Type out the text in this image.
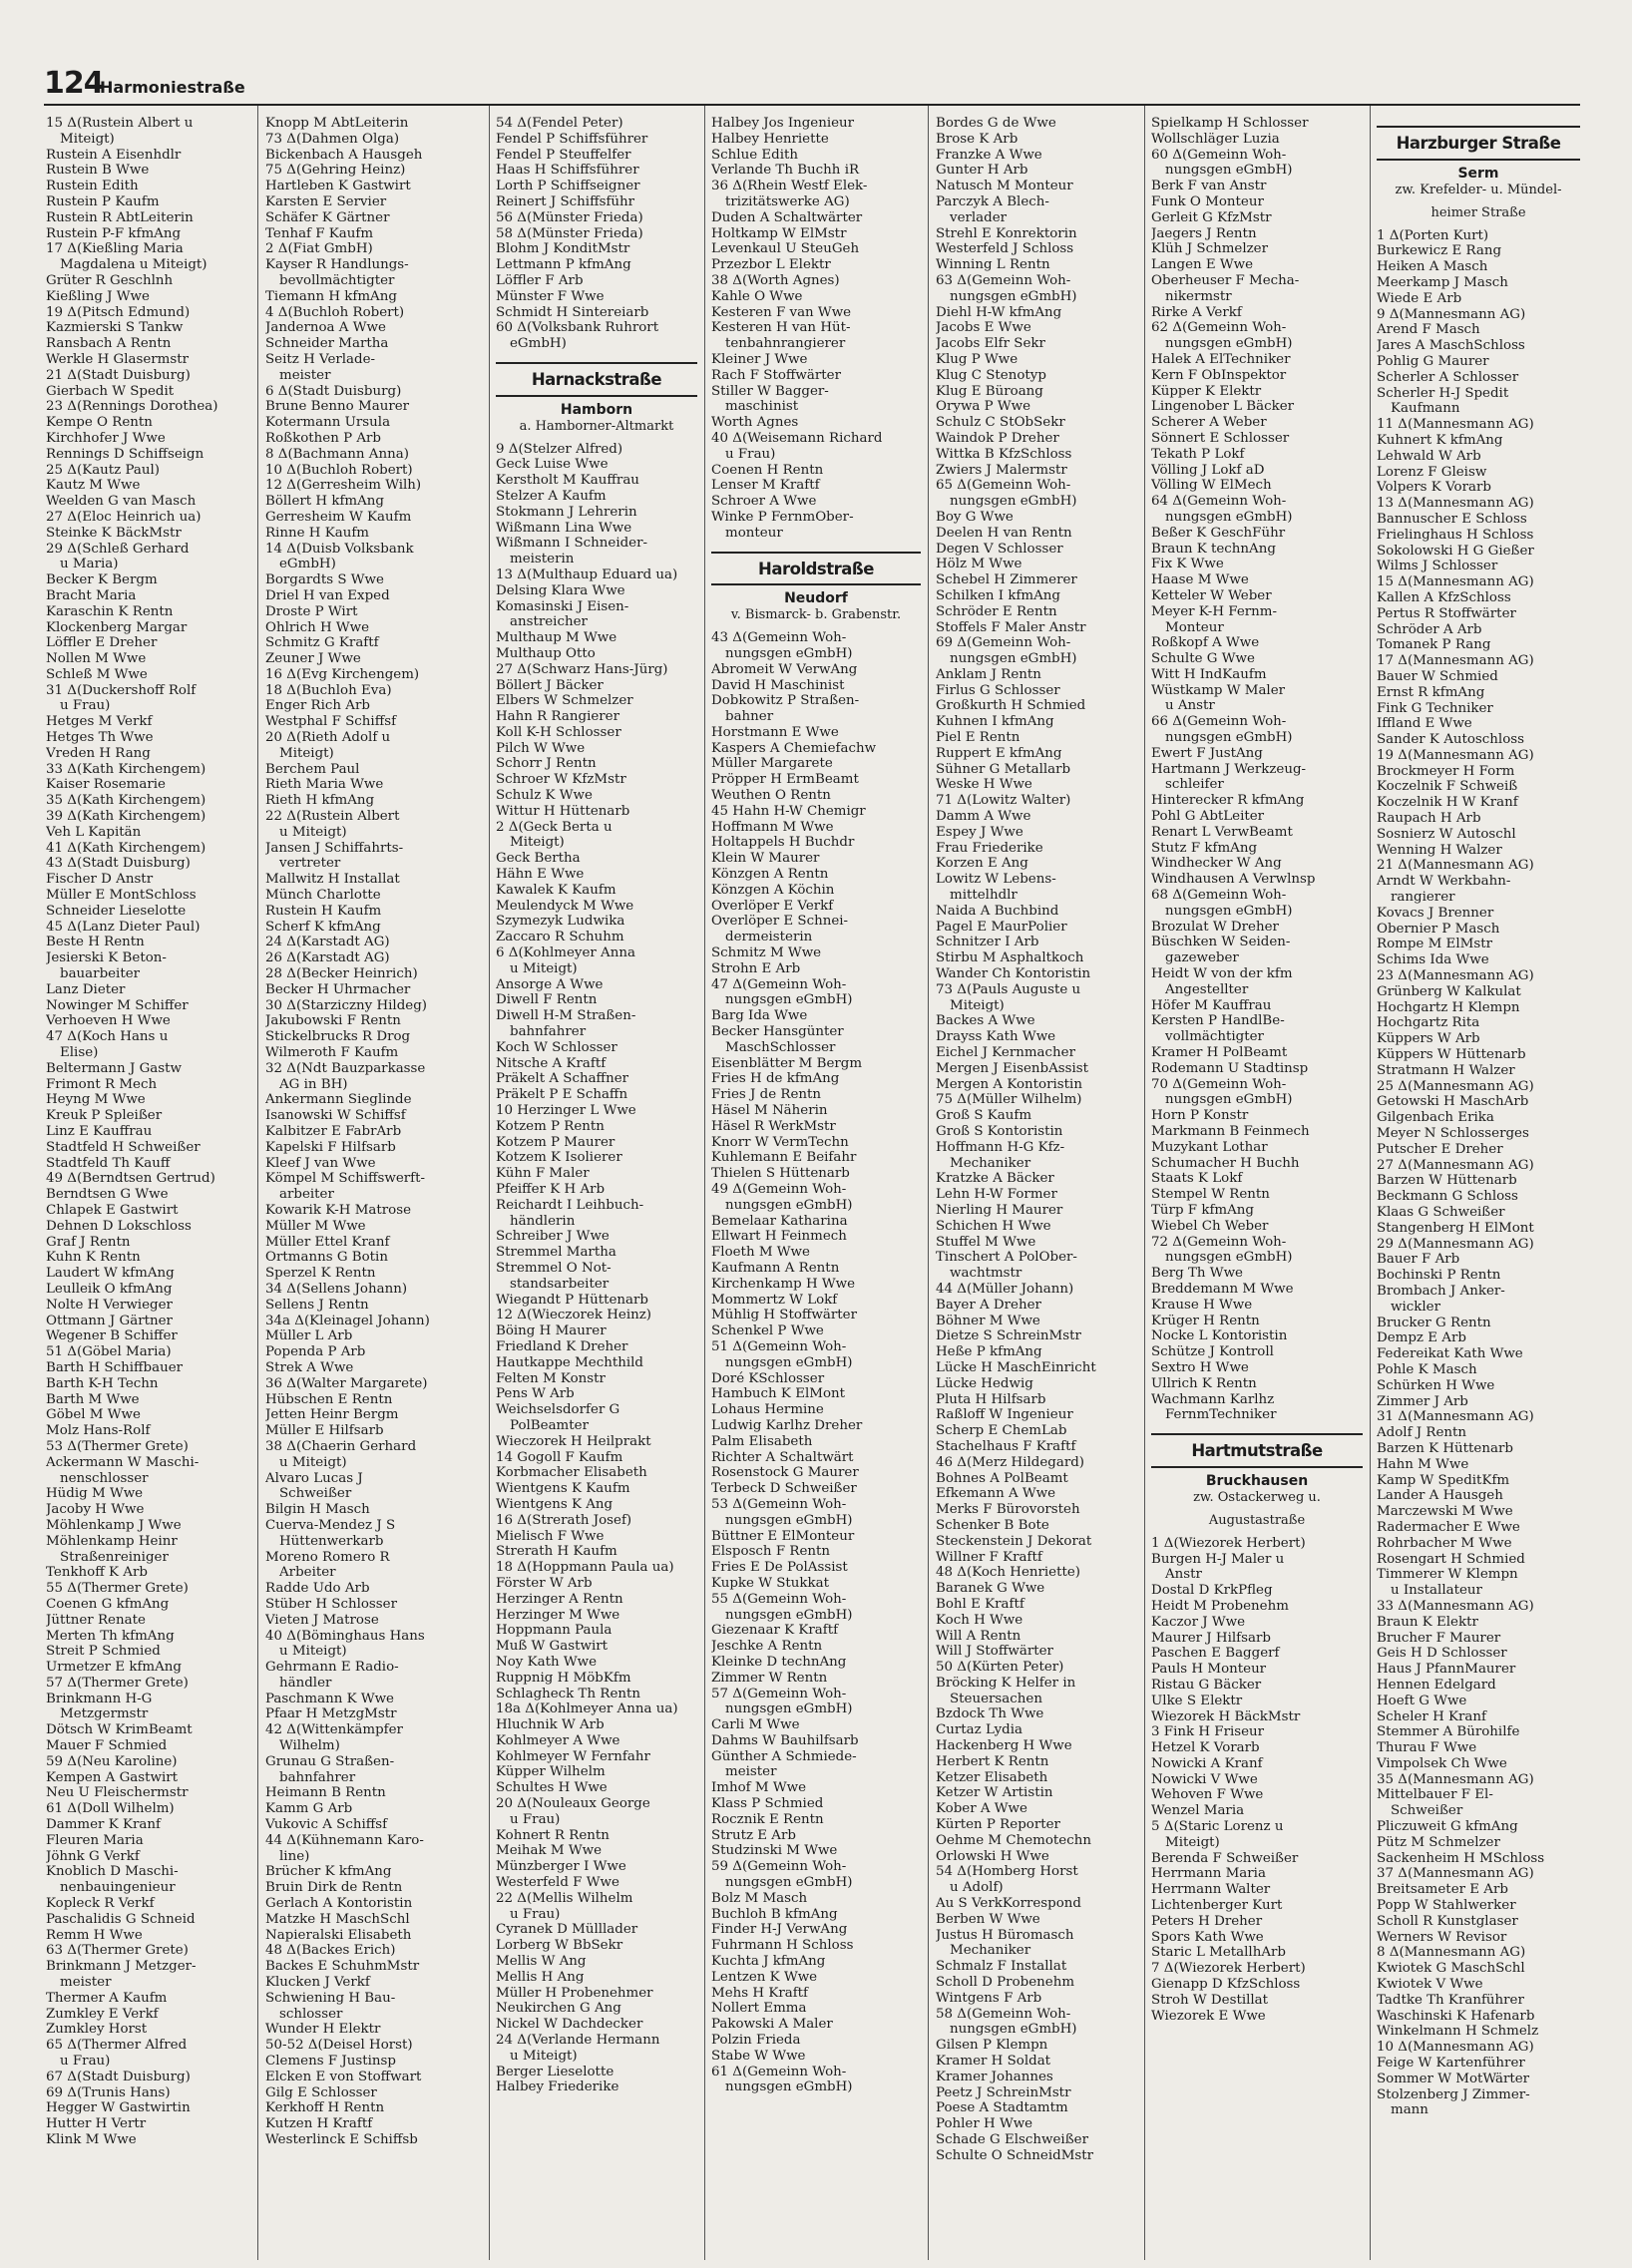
124
Harmoniestraße
15 Δ(Rustein Albert u
Miteigt)
Rustein A Eisenhdlr
Rustein B Wwe
Rustein Edith
Rustein P Kaufm
Rustein R AbtLeiterin
Rustein P-F kfmAng
17 Δ(Kießling Maria
Magdalena u Miteigt)
Grüter R Geschlnh
Kießling J Wwe
19 Δ(Pitsch Edmund)
Kazmierski S Tankw
Ransbach A Rentn
Werkle H Glasermstr
21 Δ(Stadt Duisburg)
Gierbach W Spedit
23 Δ(Rennings Dorothea)
Kempe O Rentn
Kirchhofer J Wwe
Rennings D Schiffseign
25 Δ(Kautz Paul)
Kautz M Wwe
Weelden G van Masch
27 Δ(Eloc Heinrich ua)
Steinke K BäckMstr
29 Δ(Schleß Gerhard
u Maria)
Becker K Bergm
Bracht Maria
Karaschin K Rentn
Klockenberg Margar
Löffler E Dreher
Nollen M Wwe
Schleß M Wwe
31 Δ(Duckershoff Rolf
u Frau)
Hetges M Verkf
Hetges Th Wwe
Vreden H Rang
33 Δ(Kath Kirchengem)
Kaiser Rosemarie
35 Δ(Kath Kirchengem)
39 Δ(Kath Kirchengem)
Veh L Kapitän
41 Δ(Kath Kirchengem)
43 Δ(Stadt Duisburg)
Fischer D Anstr
Müller E MontSchloss
Schneider Lieselotte
45 Δ(Lanz Dieter Paul)
Beste H Rentn
Jesierski K Beton-
bauarbeiter
Lanz Dieter
Nowinger M Schiffer
Verhoeven H Wwe
47 Δ(Koch Hans u
Elise)
Beltermann J Gastw
Frimont R Mech
Heyng M Wwe
Kreuk P Spleißer
Linz E Kauffrau
Stadtfeld H Schweißer
Stadtfeld Th Kauff
49 Δ(Berndtsen Gertrud)
Berndtsen G Wwe
Chlapek E Gastwirt
Dehnen D Lokschloss
Graf J Rentn
Kuhn K Rentn
Laudert W kfmAng
Leulleik O kfmAng
Nolte H Verwieger
Ottmann J Gärtner
Wegener B Schiffer
51 Δ(Göbel Maria)
Barth H Schiffbauer
Barth K-H Techn
Barth M Wwe
Göbel M Wwe
Molz Hans-Rolf
53 Δ(Thermer Grete)
Ackermann W Maschi-
nenschlosser
Hüdig M Wwe
Jacoby H Wwe
Möhlenkamp J Wwe
Möhlenkamp Heinr
Straßenreiniger
Tenkhoff K Arb
55 Δ(Thermer Grete)
Coenen G kfmAng
Jüttner Renate
Merten Th kfmAng
Streit P Schmied
Urmetzer E kfmAng
57 Δ(Thermer Grete)
Brinkmann H-G
Metzgermstr
Dötsch W KrimBeamt
Mauer F Schmied
59 Δ(Neu Karoline)
Kempen A Gastwirt
Neu U Fleischermstr
61 Δ(Doll Wilhelm)
Dammer K Kranf
Fleuren Maria
Jöhnk G Verkf
Knoblich D Maschi-
nenbauingenieur
Kopleck R Verkf
Paschalidis G Schneid
Remm H Wwe
63 Δ(Thermer Grete)
Brinkmann J Metzger-
meister
Thermer A Kaufm
Zumkley E Verkf
Zumkley Horst
65 Δ(Thermer Alfred
u Frau)
67 Δ(Stadt Duisburg)
69 Δ(Trunis Hans)
Hegger W Gastwirtin
Hutter H Vertr
Klink M Wwe
Knopp M AbtLeiterin
73 Δ(Dahmen Olga)
Bickenbach A Hausgeh
75 Δ(Gehring Heinz)
Hartleben K Gastwirt
Karsten E Servier
Schäfer K Gärtner
Tenhaf F Kaufm
2 Δ(Fiat GmbH)
Kayser R Handlungs-
bevollmächtigter
Tiemann H kfmAng
4 Δ(Buchloh Robert)
Jandernoa A Wwe
Schneider Martha
Seitz H Verlade-
meister
6 Δ(Stadt Duisburg)
Brune Benno Maurer
Kotermann Ursula
Roßkothen P Arb
8 Δ(Bachmann Anna)
10 Δ(Buchloh Robert)
12 Δ(Gerresheim Wilh)
Böllert H kfmAng
Gerresheim W Kaufm
Rinne H Kaufm
14 Δ(Duisb Volksbank
eGmbH)
Borgardts S Wwe
Driel H van Exped
Droste P Wirt
Ohlrich H Wwe
Schmitz G Kraftf
Zeuner J Wwe
16 Δ(Evg Kirchengem)
18 Δ(Buchloh Eva)
Enger Rich Arb
Westphal F Schiffsf
20 Δ(Rieth Adolf u
Miteigt)
Berchem Paul
Rieth Maria Wwe
Rieth H kfmAng
22 Δ(Rustein Albert
u Miteigt)
Jansen J Schiffahrts-
vertreter
Mallwitz H Installat
Münch Charlotte
Rustein H Kaufm
Scherf K kfmAng
24 Δ(Karstadt AG)
26 Δ(Karstadt AG)
28 Δ(Becker Heinrich)
Becker H Uhrmacher
30 Δ(Starziczny Hildeg)
Jakubowski F Rentn
Stickelbrucks R Drog
Wilmeroth F Kaufm
32 Δ(Ndt Bauzparkasse
AG in BH)
Ankermann Sieglinde
Isanowski W Schiffsf
Kalbitzer E FabrArb
Kapelski F Hilfsarb
Kleef J van Wwe
Kömpel M Schiffswerft-
arbeiter
Kowarik K-H Matrose
Müller M Wwe
Müller Ettel Kranf
Ortmanns G Botin
Sperzel K Rentn
34 Δ(Sellens Johann)
Sellens J Rentn
34a Δ(Kleinagel Johann)
Müller L Arb
Popenda P Arb
Strek A Wwe
36 Δ(Walter Margarete)
Hübschen E Rentn
Jetten Heinr Bergm
Müller E Hilfsarb
38 Δ(Chaerin Gerhard
u Miteigt)
Alvaro Lucas J
Schweißer
Bilgin H Masch
Cuerva-Mendez J S
Hüttenwerkarb
Moreno Romero R
Arbeiter
Radde Udo Arb
Stüber H Schlosser
Vieten J Matrose
40 Δ(Böminghaus Hans
u Miteigt)
Gehrmann E Radio-
händler
Paschmann K Wwe
Pfaar H MetzgMstr
42 Δ(Wittenkämpfer
Wilhelm)
Grunau G Straßen-
bahnfahrer
Heimann B Rentn
Kamm G Arb
Vukovic A Schiffsf
44 Δ(Kühnemann Karo-
line)
Brücher K kfmAng
Bruin Dirk de Rentn
Gerlach A Kontoristin
Matzke H MaschSchl
Napieralski Elisabeth
48 Δ(Backes Erich)
Backes E SchuhmMstr
Klucken J Verkf
Schwiening H Bau-
schlosser
Wunder H Elektr
50-52 Δ(Deisel Horst)
Clemens F Justinsp
Elcken E von Stoffwart
Gilg E Schlosser
Kerkhoff H Rentn
Kutzen H Kraftf
Westerlinck E Schiffsb
54 Δ(Fendel Peter)
Fendel P Schiffsführer
Fendel P Steuffelfer
Haas H Schiffsführer
Lorth P Schiffseigner
Reinert J Schiffsführ
56 Δ(Münster Frieda)
58 Δ(Münster Frieda)
Blohm J KonditMstr
Lettmann P kfmAng
Löffler F Arb
Münster F Wwe
Schmidt H Sintereiarb
60 Δ(Volksbank Ruhrort
eGmbH)
Harnackstraße
Hamborn
a. Hamborner-Altmarkt
9 Δ(Stelzer Alfred)
Geck Luise Wwe
Kerstholt M Kauffrau
Stelzer A Kaufm
Stokmann J Lehrerin
Wißmann Lina Wwe
Wißmann I Schneider-
meisterin
13 Δ(Multhaup Eduard ua)
Delsing Klara Wwe
Komasinski J Eisen-
anstreicher
Multhaup M Wwe
Multhaup Otto
27 Δ(Schwarz Hans-Jürg)
Böllert J Bäcker
Elbers W Schmelzer
Hahn R Rangierer
Koll K-H Schlosser
Pilch W Wwe
Schorr J Rentn
Schroer W KfzMstr
Schulz K Wwe
Wittur H Hüttenarb
2 Δ(Geck Berta u
Miteigt)
Geck Bertha
Hähn E Wwe
Kawalek K Kaufm
Meulendyck M Wwe
Szymezyk Ludwika
Zaccaro R Schuhm
6 Δ(Kohlmeyer Anna
u Miteigt)
Ansorge A Wwe
Diwell F Rentn
Diwell H-M Straßen-
bahnfahrer
Koch W Schlosser
Nitsche A Kraftf
Präkelt A Schaffner
Präkelt P E Schaffn
10 Herzinger L Wwe
Kotzem P Rentn
Kotzem P Maurer
Kotzem K Isolierer
Kühn F Maler
Pfeiffer K H Arb
Reichardt I Leihbuch-
händlerin
Schreiber J Wwe
Stremmel Martha
Stremmel O Not-
standsarbeiter
Wiegandt P Hüttenarb
12 Δ(Wieczorek Heinz)
Böing H Maurer
Friedland K Dreher
Hautkappe Mechthild
Felten M Konstr
Pens W Arb
Weichselsdorfer G
PolBeamter
Wieczorek H Heilprakt
14 Gogoll F Kaufm
Korbmacher Elisabeth
Wientgens K Kaufm
Wientgens K Ang
16 Δ(Strerath Josef)
Mielisch F Wwe
Strerath H Kaufm
18 Δ(Hoppmann Paula ua)
Förster W Arb
Herzinger A Rentn
Herzinger M Wwe
Hoppmann Paula
Muß W Gastwirt
Noy Kath Wwe
Ruppnig H MöbKfm
Schlagheck Th Rentn
18a Δ(Kohlmeyer Anna ua)
Hluchnik W Arb
Kohlmeyer A Wwe
Kohlmeyer W Fernfahr
Küpper Wilhelm
Schultes H Wwe
20 Δ(Nouleaux George
u Frau)
Kohnert R Rentn
Meihak M Wwe
Münzberger I Wwe
Westerfeld F Wwe
22 Δ(Mellis Wilhelm
u Frau)
Cyranek D Mülllader
Lorberg W BbSekr
Mellis W Ang
Mellis H Ang
Müller H Probenehmer
Neukirchen G Ang
Nickel W Dachdecker
24 Δ(Verlande Hermann
u Miteigt)
Berger Lieselotte
Halbey Friederike
Halbey Jos Ingenieur
Halbey Henriette
Schlue Edith
Verlande Th Buchh iR
36 Δ(Rhein Westf Elek-
trizitätswerke AG)
Duden A Schaltwärter
Holtkamp W ElMstr
Levenkaul U SteuGeh
Przezbor L Elektr
38 Δ(Worth Agnes)
Kahle O Wwe
Kesteren F van Wwe
Kesteren H van Hüt-
tenbahnrangierer
Kleiner J Wwe
Rach F Stoffwärter
Stiller W Bagger-
maschinist
Worth Agnes
40 Δ(Weisemann Richard
u Frau)
Coenen H Rentn
Lenser M Kraftf
Schroer A Wwe
Winke P FernmOber-
monteur
Haroldstraße
Neudorf
v. Bismarck- b. Grabenstr.
43 Δ(Gemeinn Woh-
nungsgen eGmbH)
Abromeit W VerwAng
David H Maschinist
Dobkowitz P Straßen-
bahner
Horstmann E Wwe
Kaspers A Chemiefachw
Müller Margarete
Pröpper H ErmBeamt
Weuthen O Rentn
45 Hahn H-W Chemigr
Hoffmann M Wwe
Holtappels H Buchdr
Klein W Maurer
Könzgen A Rentn
Könzgen A Köchin
Overlöper E Verkf
Overlöper E Schnei-
dermeisterin
Schmitz M Wwe
Strohn E Arb
47 Δ(Gemeinn Woh-
nungsgen eGmbH)
Barg Ida Wwe
Becker Hansgünter
MaschSchlosser
Eisenblätter M Bergm
Fries H de kfmAng
Fries J de Rentn
Häsel M Näherin
Häsel R WerkMstr
Knorr W VermTechn
Kuhlemann E Beifahr
Thielen S Hüttenarb
49 Δ(Gemeinn Woh-
nungsgen eGmbH)
Bemelaar Katharina
Ellwart H Feinmech
Floeth M Wwe
Kaufmann A Rentn
Kirchenkamp H Wwe
Mommertz W Lokf
Mühlig H Stoffwärter
Schenkel P Wwe
51 Δ(Gemeinn Woh-
nungsgen eGmbH)
Doré KSchlosser
Hambuch K ElMont
Lohaus Hermine
Ludwig Karlhz Dreher
Palm Elisabeth
Richter A Schaltwärt
Rosenstock G Maurer
Terbeck D Schweißer
53 Δ(Gemeinn Woh-
nungsgen eGmbH)
Büttner E ElMonteur
Elsposch F Rentn
Fries E De PolAssist
Kupke W Stukkat
55 Δ(Gemeinn Woh-
nungsgen eGmbH)
Giezenaar K Kraftf
Jeschke A Rentn
Kleinke D technAng
Zimmer W Rentn
57 Δ(Gemeinn Woh-
nungsgen eGmbH)
Carli M Wwe
Dahms W Bauhilfsarb
Günther A Schmiede-
meister
Imhof M Wwe
Klass P Schmied
Rocznik E Rentn
Strutz E Arb
Studzinski M Wwe
59 Δ(Gemeinn Woh-
nungsgen eGmbH)
Bolz M Masch
Buchloh B kfmAng
Finder H-J VerwAng
Fuhrmann H Schloss
Kuchta J kfmAng
Lentzen K Wwe
Mehs H Kraftf
Nollert Emma
Pakowski A Maler
Polzin Frieda
Stabe W Wwe
61 Δ(Gemeinn Woh-
nungsgen eGmbH)
Bordes G de Wwe
Brose K Arb
Franzke A Wwe
Gunter H Arb
Natusch M Monteur
Parczyk A Blech-
verlader
Strehl E Konrektorin
Westerfeld J Schloss
Winning L Rentn
63 Δ(Gemeinn Woh-
nungsgen eGmbH)
Diehl H-W kfmAng
Jacobs E Wwe
Jacobs Elfr Sekr
Klug P Wwe
Klug C Stenotyp
Klug E Büroang
Orywa P Wwe
Schulz C StObSekr
Waindok P Dreher
Wittka B KfzSchloss
Zwiers J Malermstr
65 Δ(Gemeinn Woh-
nungsgen eGmbH)
Boy G Wwe
Deelen H van Rentn
Degen V Schlosser
Hölz M Wwe
Schebel H Zimmerer
Schilken I kfmAng
Schröder E Rentn
Stoffels F Maler Anstr
69 Δ(Gemeinn Woh-
nungsgen eGmbH)
Anklam J Rentn
Firlus G Schlosser
Großkurth H Schmied
Kuhnen I kfmAng
Piel E Rentn
Ruppert E kfmAng
Sühner G Metallarb
Weske H Wwe
71 Δ(Lowitz Walter)
Damm A Wwe
Espey J Wwe
Frau Friederike
Korzen E Ang
Lowitz W Lebens-
mittelhdlr
Naida A Buchbind
Pagel E MaurPolier
Schnitzer I Arb
Stirbu M Asphaltkoch
Wander Ch Kontoristin
73 Δ(Pauls Auguste u
Miteigt)
Backes A Wwe
Drayss Kath Wwe
Eichel J Kernmacher
Mergen J EisenbAssist
Mergen A Kontoristin
75 Δ(Müller Wilhelm)
Groß S Kaufm
Groß S Kontoristin
Hoffmann H-G Kfz-
Mechaniker
Kratzke A Bäcker
Lehn H-W Former
Nierling H Maurer
Schichen H Wwe
Stuffel M Wwe
Tinschert A PolOber-
wachtmstr
44 Δ(Müller Johann)
Bayer A Dreher
Böhner M Wwe
Dietze S SchreinMstr
Heße P kfmAng
Lücke H MaschEinricht
Lücke Hedwig
Pluta H Hilfsarb
Raßloff W Ingenieur
Scherp E ChemLab
Stachelhaus F Kraftf
46 Δ(Merz Hildegard)
Bohnes A PolBeamt
Efkemann A Wwe
Merks F Bürovorsteh
Schenker B Bote
Steckenstein J Dekorat
Willner F Kraftf
48 Δ(Koch Henriette)
Baranek G Wwe
Bohl E Kraftf
Koch H Wwe
Will A Rentn
Will J Stoffwärter
50 Δ(Kürten Peter)
Bröcking K Helfer in
Steuersachen
Bzdock Th Wwe
Curtaz Lydia
Hackenberg H Wwe
Herbert K Rentn
Ketzer Elisabeth
Ketzer W Artistin
Kober A Wwe
Kürten P Reporter
Oehme M Chemotechn
Orlowski H Wwe
54 Δ(Homberg Horst
u Adolf)
Au S VerkKorrespond
Berben W Wwe
Justus H Büromasch
Mechaniker
Schmalz F Installat
Scholl D Probenehm
Wintgens F Arb
58 Δ(Gemeinn Woh-
nungsgen eGmbH)
Gilsen P Klempn
Kramer H Soldat
Kramer Johannes
Peetz J SchreinMstr
Poese A Stadtamtm
Pohler H Wwe
Schade G Elschweißer
Schulte O SchneidMstr
Spielkamp H Schlosser
Wollschläger Luzia
60 Δ(Gemeinn Woh-
nungsgen eGmbH)
Berk F van Anstr
Funk O Monteur
Gerleit G KfzMstr
Jaegers J Rentn
Klüh J Schmelzer
Langen E Wwe
Oberheuser F Mecha-
nikermstr
Rirke A Verkf
62 Δ(Gemeinn Woh-
nungsgen eGmbH)
Halek A ElTechniker
Kern F ObInspektor
Küpper K Elektr
Lingenober L Bäcker
Scherer A Weber
Sönnert E Schlosser
Tekath P Lokf
Völling J Lokf aD
Völling W ElMech
64 Δ(Gemeinn Woh-
nungsgen eGmbH)
Beßer K GeschFühr
Braun K technAng
Fix K Wwe
Haase M Wwe
Ketteler W Weber
Meyer K-H Fernm-
Monteur
Roßkopf A Wwe
Schulte G Wwe
Witt H IndKaufm
Wüstkamp W Maler
u Anstr
66 Δ(Gemeinn Woh-
nungsgen eGmbH)
Ewert F JustAng
Hartmann J Werkzeug-
schleifer
Hinterecker R kfmAng
Pohl G AbtLeiter
Renart L VerwBeamt
Stutz F kfmAng
Windhecker W Ang
Windhausen A Verwlnsp
68 Δ(Gemeinn Woh-
nungsgen eGmbH)
Brozulat W Dreher
Büschken W Seiden-
gazeweber
Heidt W von der kfm
Angestellter
Höfer M Kauffrau
Kersten P HandlBe-
vollmächtigter
Kramer H PolBeamt
Rodemann U Stadtinsp
70 Δ(Gemeinn Woh-
nungsgen eGmbH)
Horn P Konstr
Markmann B Feinmech
Muzykant Lothar
Schumacher H Buchh
Staats K Lokf
Stempel W Rentn
Türp F kfmAng
Wiebel Ch Weber
72 Δ(Gemeinn Woh-
nungsgen eGmbH)
Berg Th Wwe
Breddemann M Wwe
Krause H Wwe
Krüger H Rentn
Nocke L Kontoristin
Schütze J Kontroll
Sextro H Wwe
Ullrich K Rentn
Wachmann Karlhz
FernmTechniker
Hartmutstraße
Bruckhausen
zw. Ostackerweg u.
Augustastraße
1 Δ(Wiezorek Herbert)
Burgen H-J Maler u
Anstr
Dostal D KrkPfleg
Heidt M Probenehm
Kaczor J Wwe
Maurer J Hilfsarb
Paschen E Baggerf
Pauls H Monteur
Ristau G Bäcker
Ulke S Elektr
Wiezorek H BäckMstr
3 Fink H Friseur
Hetzel K Vorarb
Nowicki A Kranf
Nowicki V Wwe
Wehoven F Wwe
Wenzel Maria
5 Δ(Staric Lorenz u
Miteigt)
Berenda F Schweißer
Herrmann Maria
Herrmann Walter
Lichtenberger Kurt
Peters H Dreher
Spors Kath Wwe
Staric L MetallhArb
7 Δ(Wiezorek Herbert)
Gienapp D KfzSchloss
Stroh W Destillat
Wiezorek E Wwe
Harzburger Straße
Serm
zw. Krefelder- u. Mündel-
heimer Straße
1 Δ(Porten Kurt)
Burkewicz E Rang
Heiken A Masch
Meerkamp J Masch
Wiede E Arb
9 Δ(Mannesmann AG)
Arend F Masch
Jares A MaschSchloss
Pohlig G Maurer
Scherler A Schlosser
Scherler H-J Spedit
Kaufmann
11 Δ(Mannesmann AG)
Kuhnert K kfmAng
Lehwald W Arb
Lorenz F Gleisw
Volpers K Vorarb
13 Δ(Mannesmann AG)
Bannuscher E Schloss
Frielinghaus H Schloss
Sokolowski H G Gießer
Wilms J Schlosser
15 Δ(Mannesmann AG)
Kallen A KfzSchloss
Pertus R Stoffwärter
Schröder A Arb
Tomanek P Rang
17 Δ(Mannesmann AG)
Bauer W Schmied
Ernst R kfmAng
Fink G Techniker
Iffland E Wwe
Sander K Autoschloss
19 Δ(Mannesmann AG)
Brockmeyer H Form
Koczelnik F Schweiß
Koczelnik H W Kranf
Raupach H Arb
Sosnierz W Autoschl
Wenning H Walzer
21 Δ(Mannesmann AG)
Arndt W Werkbahn-
rangierer
Kovacs J Brenner
Obernier P Masch
Rompe M ElMstr
Schims Ida Wwe
23 Δ(Mannesmann AG)
Grünberg W Kalkulat
Hochgartz H Klempn
Hochgartz Rita
Küppers W Arb
Küppers W Hüttenarb
Stratmann H Walzer
25 Δ(Mannesmann AG)
Getowski H MaschArb
Gilgenbach Erika
Meyer N Schlosserges
Putscher E Dreher
27 Δ(Mannesmann AG)
Barzen W Hüttenarb
Beckmann G Schloss
Klaas G Schweißer
Stangenberg H ElMont
29 Δ(Mannesmann AG)
Bauer F Arb
Bochinski P Rentn
Brombach J Anker-
wickler
Brucker G Rentn
Dempz E Arb
Federeikat Kath Wwe
Pohle K Masch
Schürken H Wwe
Zimmer J Arb
31 Δ(Mannesmann AG)
Adolf J Rentn
Barzen K Hüttenarb
Hahn M Wwe
Kamp W SpeditKfm
Lander A Hausgeh
Marczewski M Wwe
Radermacher E Wwe
Rohrbacher M Wwe
Rosengart H Schmied
Timmerer W Klempn
u Installateur
33 Δ(Mannesmann AG)
Braun K Elektr
Brucher F Maurer
Geis H D Schlosser
Haus J PfannMaurer
Hennen Edelgard
Hoeft G Wwe
Scheler H Kranf
Stemmer A Bürohilfe
Thurau F Wwe
Vimpolsek Ch Wwe
35 Δ(Mannesmann AG)
Mittelbauer F El-
Schweißer
Pliczuweit G kfmAng
Pütz M Schmelzer
Sackenheim H MSchloss
37 Δ(Mannesmann AG)
Breitsameter E Arb
Popp W Stahlwerker
Scholl R Kunstglaser
Werners W Revisor
8 Δ(Mannesmann AG)
Kwiotek G MaschSchl
Kwiotek V Wwe
Tadtke Th Kranführer
Waschinski K Hafenarb
Winkelmann H Schmelz
10 Δ(Mannesmann AG)
Feige W Kartenführer
Sommer W MotWärter
Stolzenberg J Zimmer-
mann
